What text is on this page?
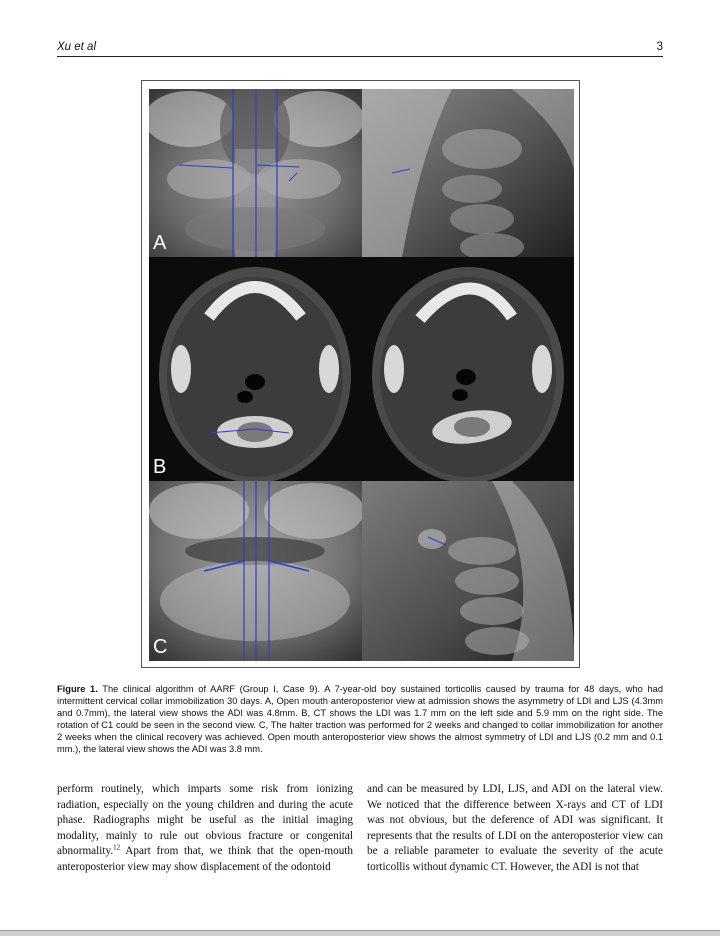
Xu et al	3
A
B
C

Figure 1. The clinical algorithm of AARF (Group I, Case 9). A 7-year-old boy sustained torticollis caused by trauma for 48 days, who had intermittent cervical collar immobilization 30 days. A, Open mouth anteroposterior view at admission shows the asymmetry of LDI and LJS (4.3mm and 0.7mm), the lateral view shows the ADI was 4.8mm. B, CT shows the LDI was 1.7 mm on the left side and 5.9 mm on the right side. The rotation of C1 could be seen in the second view. C, The halter traction was performed for 2 weeks and changed to collar immobilization for another 2 weeks when the clinical recovery was achieved. Open mouth anteroposterior view shows the almost symmetry of LDI and LJS (0.2 mm and 0.1 mm.), the lateral view shows the ADI was 3.8 mm.

perform routinely, which imparts some risk from ionizing radiation, especially on the young children and during the acute phase. Radiographs might be useful as the initial imaging modality, mainly to rule out obvious fracture or congenital abnormality.$^{12}$ Apart from that, we think that the open-mouth anteroposterior view may show displacement of the odontoid

and can be measured by LDI, LJS, and ADI on the lateral view. We noticed that the difference between X-rays and CT of LDI was not obvious, but the deference of ADI was significant. It represents that the results of LDI on the anteroposterior view can be a reliable parameter to evaluate the severity of the acute torticollis without dynamic CT. However, the ADI is not that
